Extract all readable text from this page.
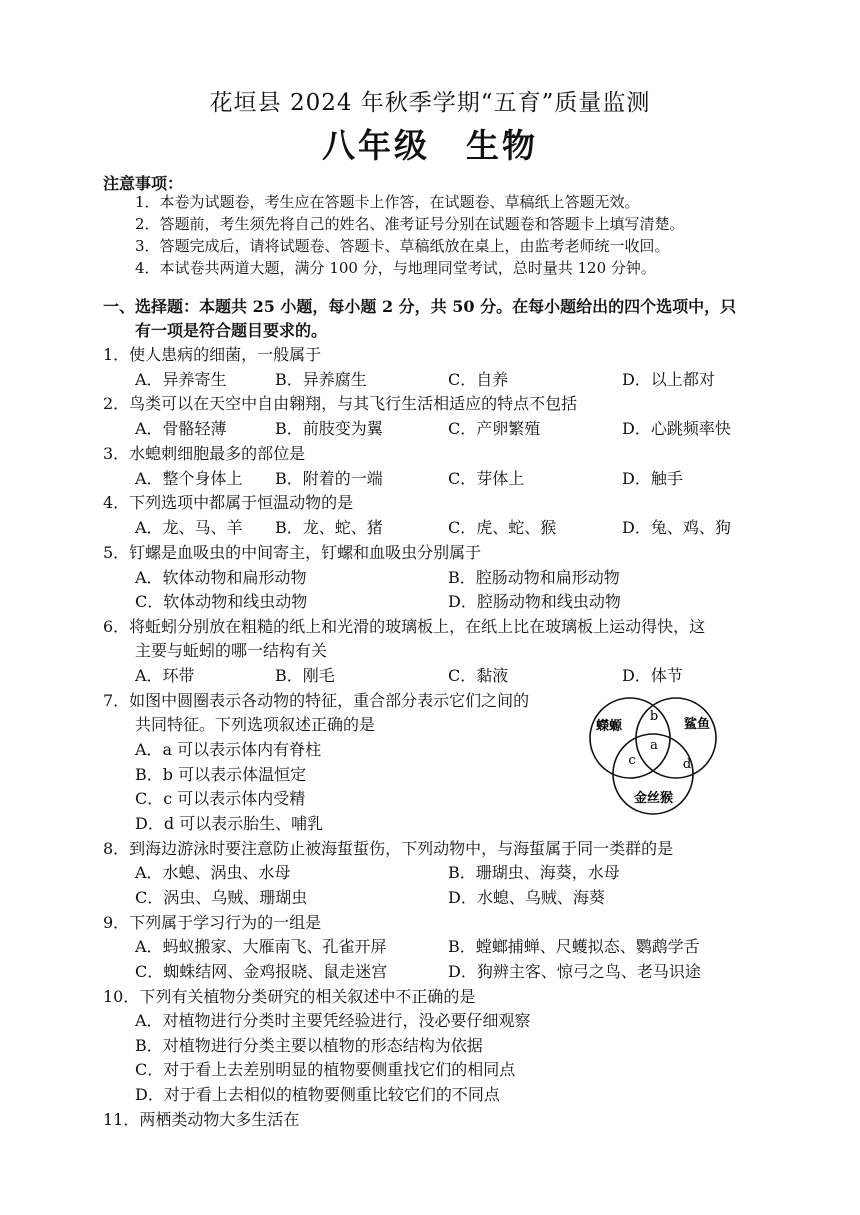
花垣县 2024 年秋季学期“五育”质量监测
八年级　生物
注意事项：
1．本卷为试题卷，考生应在答题卡上作答，在试题卷、草稿纸上答题无效。
2．答题前，考生须先将自己的姓名、准考证号分别在试题卷和答题卡上填写清楚。
3．答题完成后，请将试题卷、答题卡、草稿纸放在桌上，由监考老师统一收回。
4．本试卷共两道大题，满分 100 分，与地理同堂考试，总时量共 120 分钟。
一、选择题：本题共 25 小题，每小题 2 分，共 50 分。在每小题给出的四个选项中，只
有一项是符合题目要求的。
1．使人患病的细菌，一般属于
A．异养寄生	B．异养腐生	C．自养	D．以上都对
2．鸟类可以在天空中自由翱翔，与其飞行生活相适应的特点不包括
A．骨骼轻薄	B．前肢变为翼	C．产卵繁殖	D．心跳频率快
3．水螅刺细胞最多的部位是
A．整个身体上 B．附着的一端	C．芽体上	D．触手
4．下列选项中都属于恒温动物的是
A．龙、马、羊 B．龙、蛇、猪	C．虎、蛇、猴	D．兔、鸡、狗
5．钉螺是血吸虫的中间寄主，钉螺和血吸虫分别属于
A．软体动物和扁形动物	B．腔肠动物和扁形动物
C．软体动物和线虫动物	D．腔肠动物和线虫动物
6．将蚯蚓分别放在粗糙的纸上和光滑的玻璃板上，在纸上比在玻璃板上运动得快，这
主要与蚯蚓的哪一结构有关
A．环带	B．刚毛	C．黏液	D．体节
7．如图中圆圈表示各动物的特征，重合部分表示它们之间的
共同特征。下列选项叙述正确的是
A．a 可以表示体内有脊柱
B．b 可以表示体温恒定
C．c 可以表示体内受精
D．d 可以表示胎生、哺乳
蠑螈	鲨鱼
金丝猴
a
b
c	d
8．到海边游泳时要注意防止被海蜇蜇伤，下列动物中，与海蜇属于同一类群的是
A．水螅、涡虫、水母	B．珊瑚虫、海葵，水母
C．涡虫、乌贼、珊瑚虫	D．水螅、乌贼、海葵
9．下列属于学习行为的一组是
A．蚂蚁搬家、大雁南飞、孔雀开屏	B．螳螂捕蝉、尺蠖拟态、鹦鹉学舌
C．蜘蛛结网、金鸡报晓、鼠走迷宫	D．狗辨主客、惊弓之鸟、老马识途
10．下列有关植物分类研究的相关叙述中不正确的是
A．对植物进行分类时主要凭经验进行，没必要仔细观察
B．对植物进行分类主要以植物的形态结构为依据
C．对于看上去差别明显的植物要侧重找它们的相同点
D．对于看上去相似的植物要侧重比较它们的不同点
11．两栖类动物大多生活在
